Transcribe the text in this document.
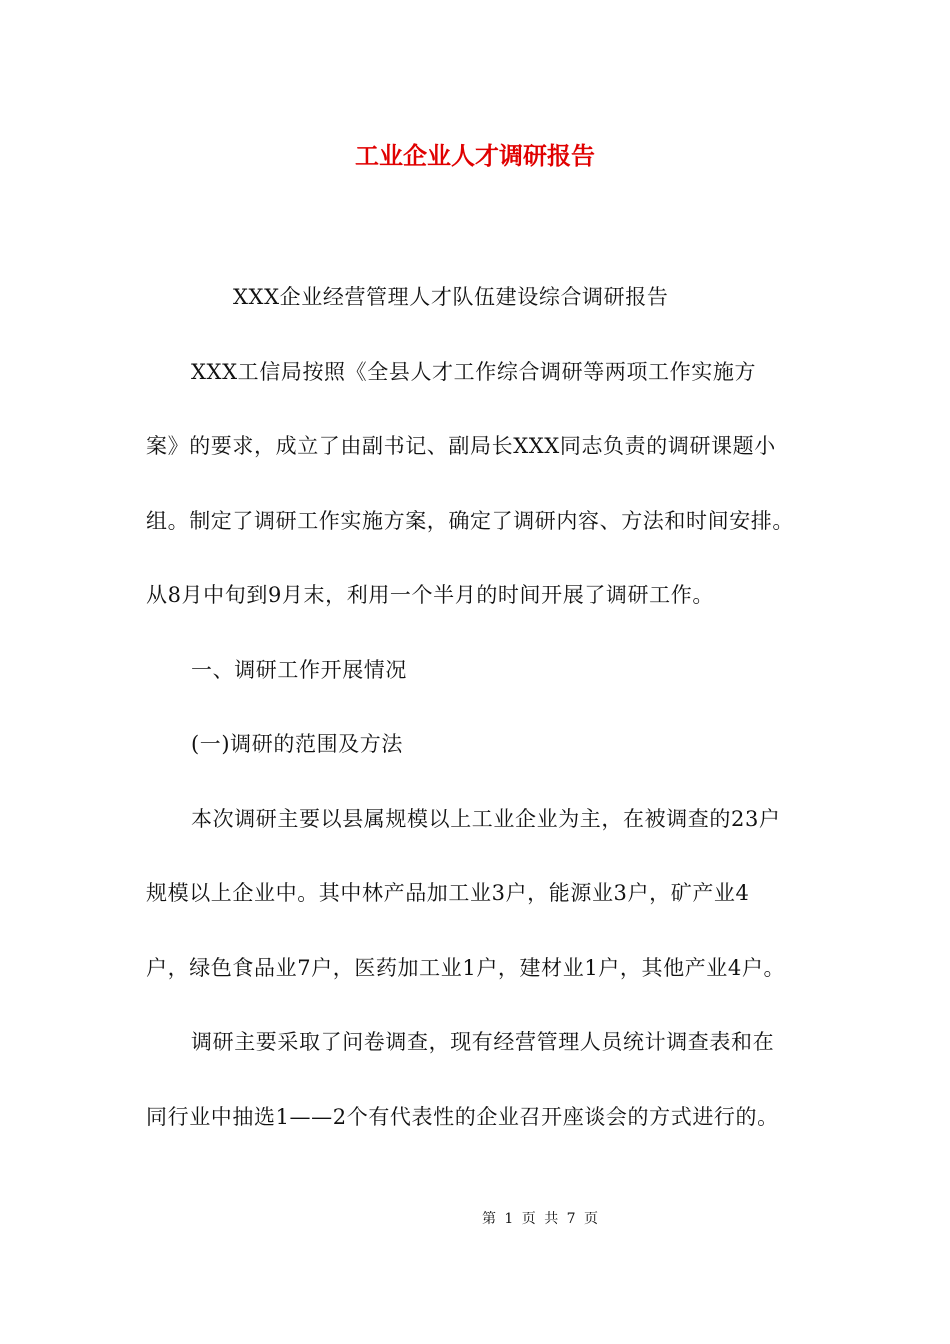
工业企业人才调研报告
XXX企业经营管理人才队伍建设综合调研报告
XXX工信局按照《全县人才工作综合调研等两项工作实施方
案》的要求，成立了由副书记、副局长XXX同志负责的调研课题小
组。制定了调研工作实施方案，确定了调研内容、方法和时间安排。
从8月中旬到9月末，利用一个半月的时间开展了调研工作。
一、调研工作开展情况
(一)调研的范围及方法
本次调研主要以县属规模以上工业企业为主，在被调查的23户
规模以上企业中。其中林产品加工业3户，能源业3户，矿产业4
户，绿色食品业7户，医药加工业1户，建材业1户，其他产业4户。
调研主要采取了问卷调查，现有经营管理人员统计调查表和在
同行业中抽选1——2个有代表性的企业召开座谈会的方式进行的。
第 1 页 共 7 页
